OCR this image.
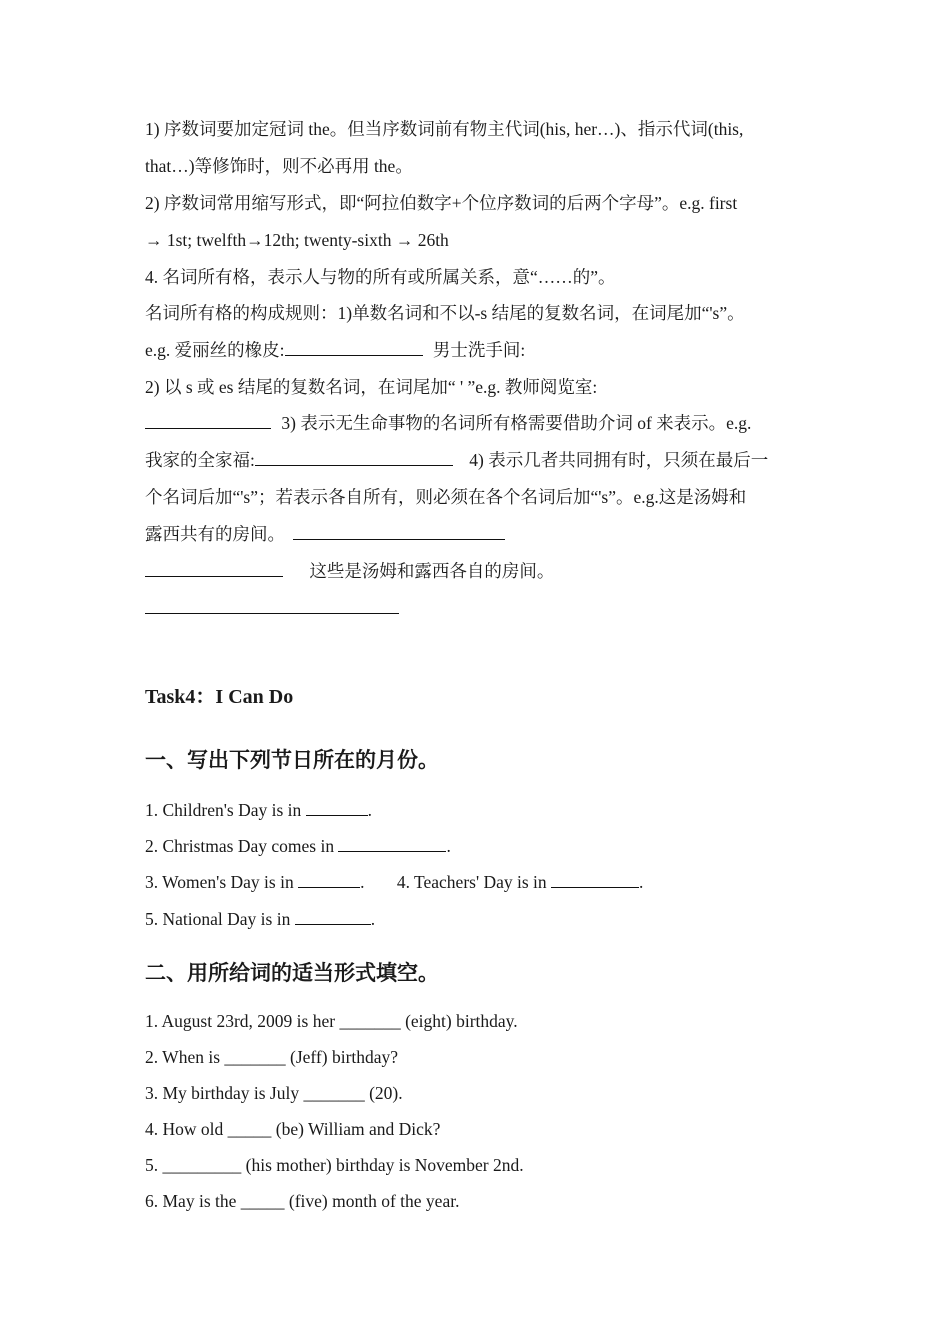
1) 序数词要加定冠词 the。但当序数词前有物主代词(his, her…)、指示代词(this,
that…)等修饰时，则不必再用 the。
2) 序数词常用缩写形式，即“阿拉伯数字+个位序数词的后两个字母”。e.g. first
→ 1st; twelfth→12th; twenty-sixth → 26th
4. 名词所有格，表示人与物的所有或所属关系，意“……的”。
名词所有格的构成规则：1)单数名词和不以-s 结尾的复数名词，在词尾加“'s”。
e.g. 爱丽丝的橡皮:	男士洗手间:
2) 以 s 或 es 结尾的复数名词，在词尾加“ ' ”e.g. 教师阅览室:
3) 表示无生命事物的名词所有格需要借助介词 of 来表示。e.g.
我家的全家福:	4) 表示几者共同拥有时，只须在最后一
个名词后加“'s”；若表示各自所有，则必须在各个名词后加“'s”。e.g.这是汤姆和
露西共有的房间。
这些是汤姆和露西各自的房间。
Task4：I Can Do
一、写出下列节日所在的月份。
1. Children's Day is in	.
2. Christmas Day comes in	.
3. Women's Day is in	. 4. Teachers' Day is in	.
5. National Day is in	.
二、用所给词的适当形式填空。
1. August 23rd, 2009 is her _______ (eight) birthday.
2. When is _______ (Jeff) birthday?
3. My birthday is July _______ (20).
4. How old _____ (be) William and Dick?
5. _________ (his mother) birthday is November 2nd.
6. May is the _____ (five) month of the year.
